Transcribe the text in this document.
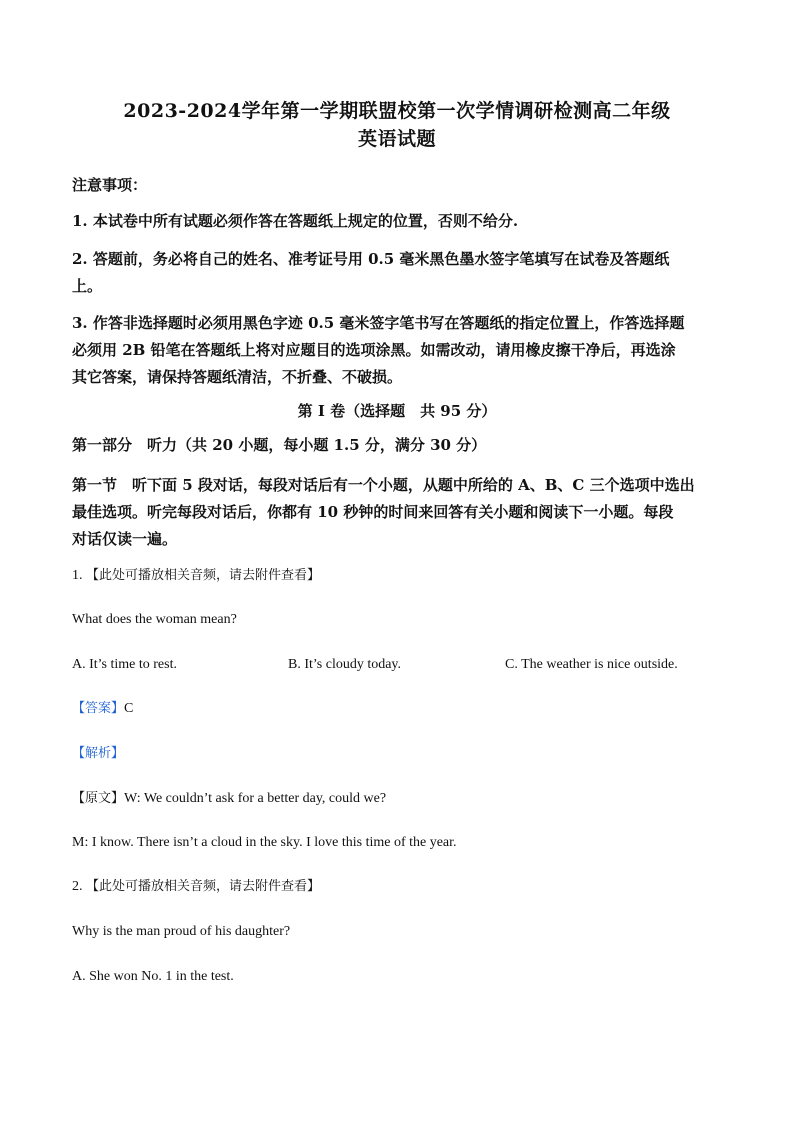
2023-2024学年第一学期联盟校第一次学情调研检测高二年级
英语试题
注意事项：
1. 本试卷中所有试题必须作答在答题纸上规定的位置，否则不给分.
2. 答题前，务必将自己的姓名、准考证号用 0.5 毫米黑色墨水签字笔填写在试卷及答题纸
上。
3. 作答非选择题时必须用黑色字迹 0.5 毫米签字笔书写在答题纸的指定位置上，作答选择题
必须用 2B 铅笔在答题纸上将对应题目的选项涂黑。如需改动，请用橡皮擦干净后，再选涂
其它答案，请保持答题纸清洁，不折叠、不破损。
第 I 卷（选择题　共 95 分）
第一部分　听力（共 20 小题，每小题 1.5 分，满分 30 分）
第一节　听下面 5 段对话，每段对话后有一个小题，从题中所给的 A、B、C 三个选项中选出
最佳选项。听完每段对话后，你都有 10 秒钟的时间来回答有关小题和阅读下一小题。每段
对话仅读一遍。
1. 【此处可播放相关音频，请去附件查看】
What does the woman mean?
A. It’s time to rest.	B. It’s cloudy today.	C. The weather is nice outside.
【答案】C
【解析】
【原文】W: We couldn’t ask for a better day, could we?
M: I know. There isn’t a cloud in the sky. I love this time of the year.
2. 【此处可播放相关音频，请去附件查看】
Why is the man proud of his daughter?
A. She won No. 1 in the test.
